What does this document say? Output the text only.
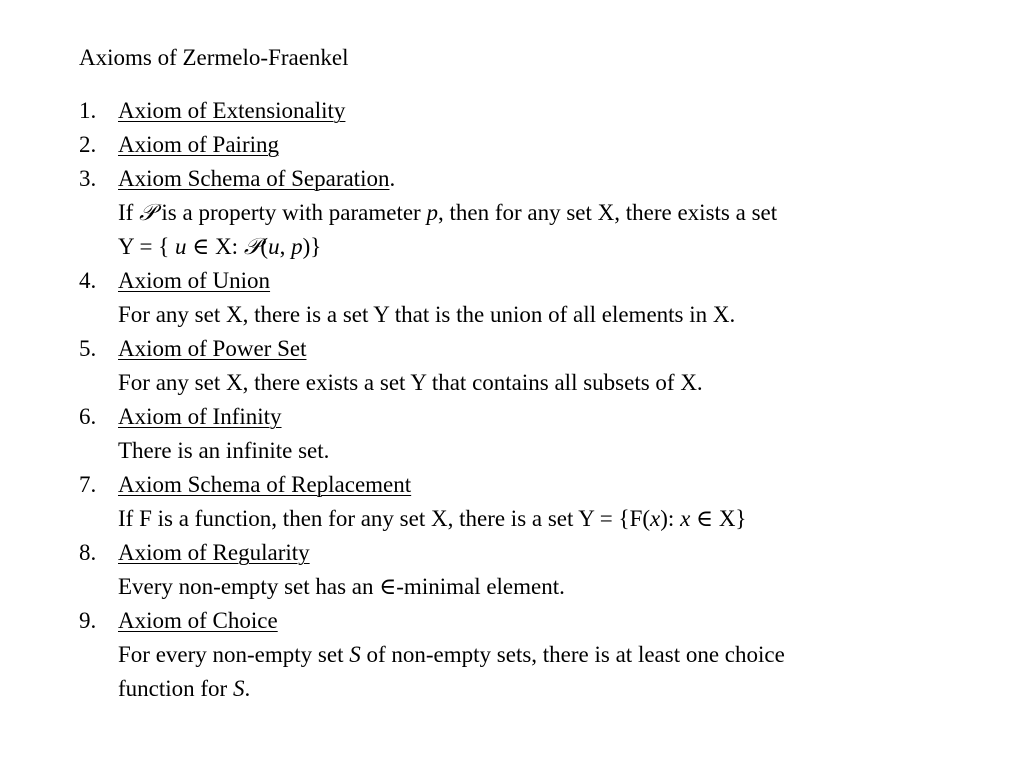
Axioms of Zermelo-Fraenkel
1. Axiom of Extensionality
2. Axiom of Pairing
3. Axiom Schema of Separation.
If 𝒫 is a property with parameter p, then for any set X, there exists a set
Y = { u ∈ X: 𝒫(u, p)}
4. Axiom of Union
For any set X, there is a set Y that is the union of all elements in X.
5. Axiom of Power Set
For any set X, there exists a set Y that contains all subsets of X.
6. Axiom of Infinity
There is an infinite set.
7. Axiom Schema of Replacement
If F is a function, then for any set X, there is a set Y = {F(x): x ∈ X}
8. Axiom of Regularity
Every non-empty set has an ∈-minimal element.
9. Axiom of Choice
For every non-empty set S of non-empty sets, there is at least one choice
function for S.
